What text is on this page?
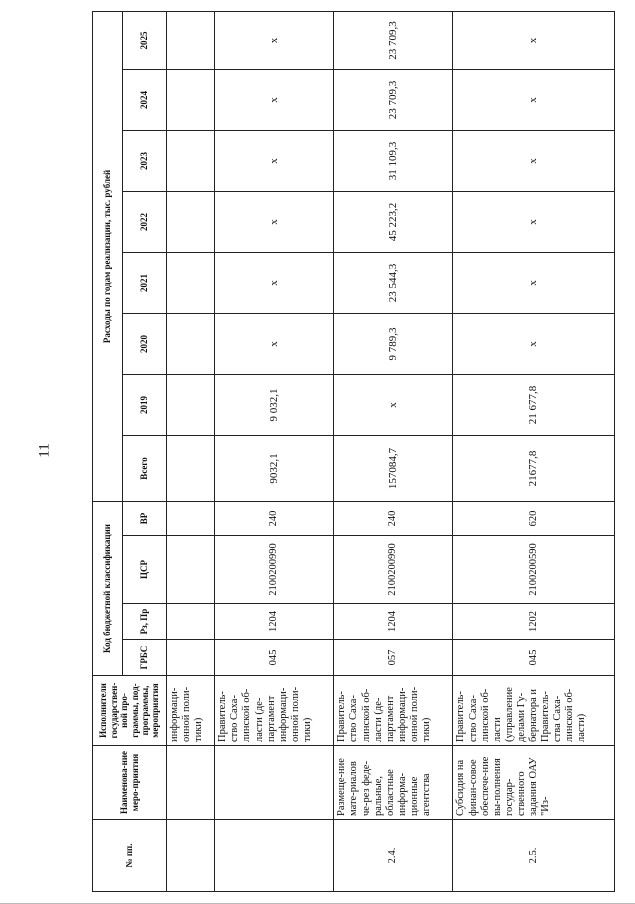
11
№ пп.	Наименова-ние меро-приятия	Исполнители государствен-ной про-граммы, под-программы, мероприятия	Код бюджетной классификации				Расходы по годам реализации, тыс. рублей							
			ГРБС	Рз, Пр	ЦСР	ВР	Всего	2019	2020	2021	2022	2023	2024	2025
		информаци-онной поли-тики)												
		Правитель-ство Саха-линской об-ласти (де-партамент информаци-онной поли-тики)	045	1204	2100200990	240	9032,1	9 032,1	x	x	x	x	x	x
2.4.	Размеще-ние мате-риалов че-рез феде-ральные, областные информа-ционные агентства	Правитель-ство Саха-линской об-ласти (де-партамент информаци-онной поли-тики)	057	1204	2100200990	240	157084,7	x	9 789,3	23 544,3	45 223,2	31 109,3	23 709,3	23 709,3
2.5.	Субсидия на финан-совое обеспече-ние вы-полнения государ-ственного задания ОАУ "Из-	Правитель-ство Саха-линской об-ласти (управление делами Гу-бернатора и Правитель-ства Саха-линской об-ласти)	045	1202	2100200590	620	21677,8	21 677,8	x	x	x	x	x	x
